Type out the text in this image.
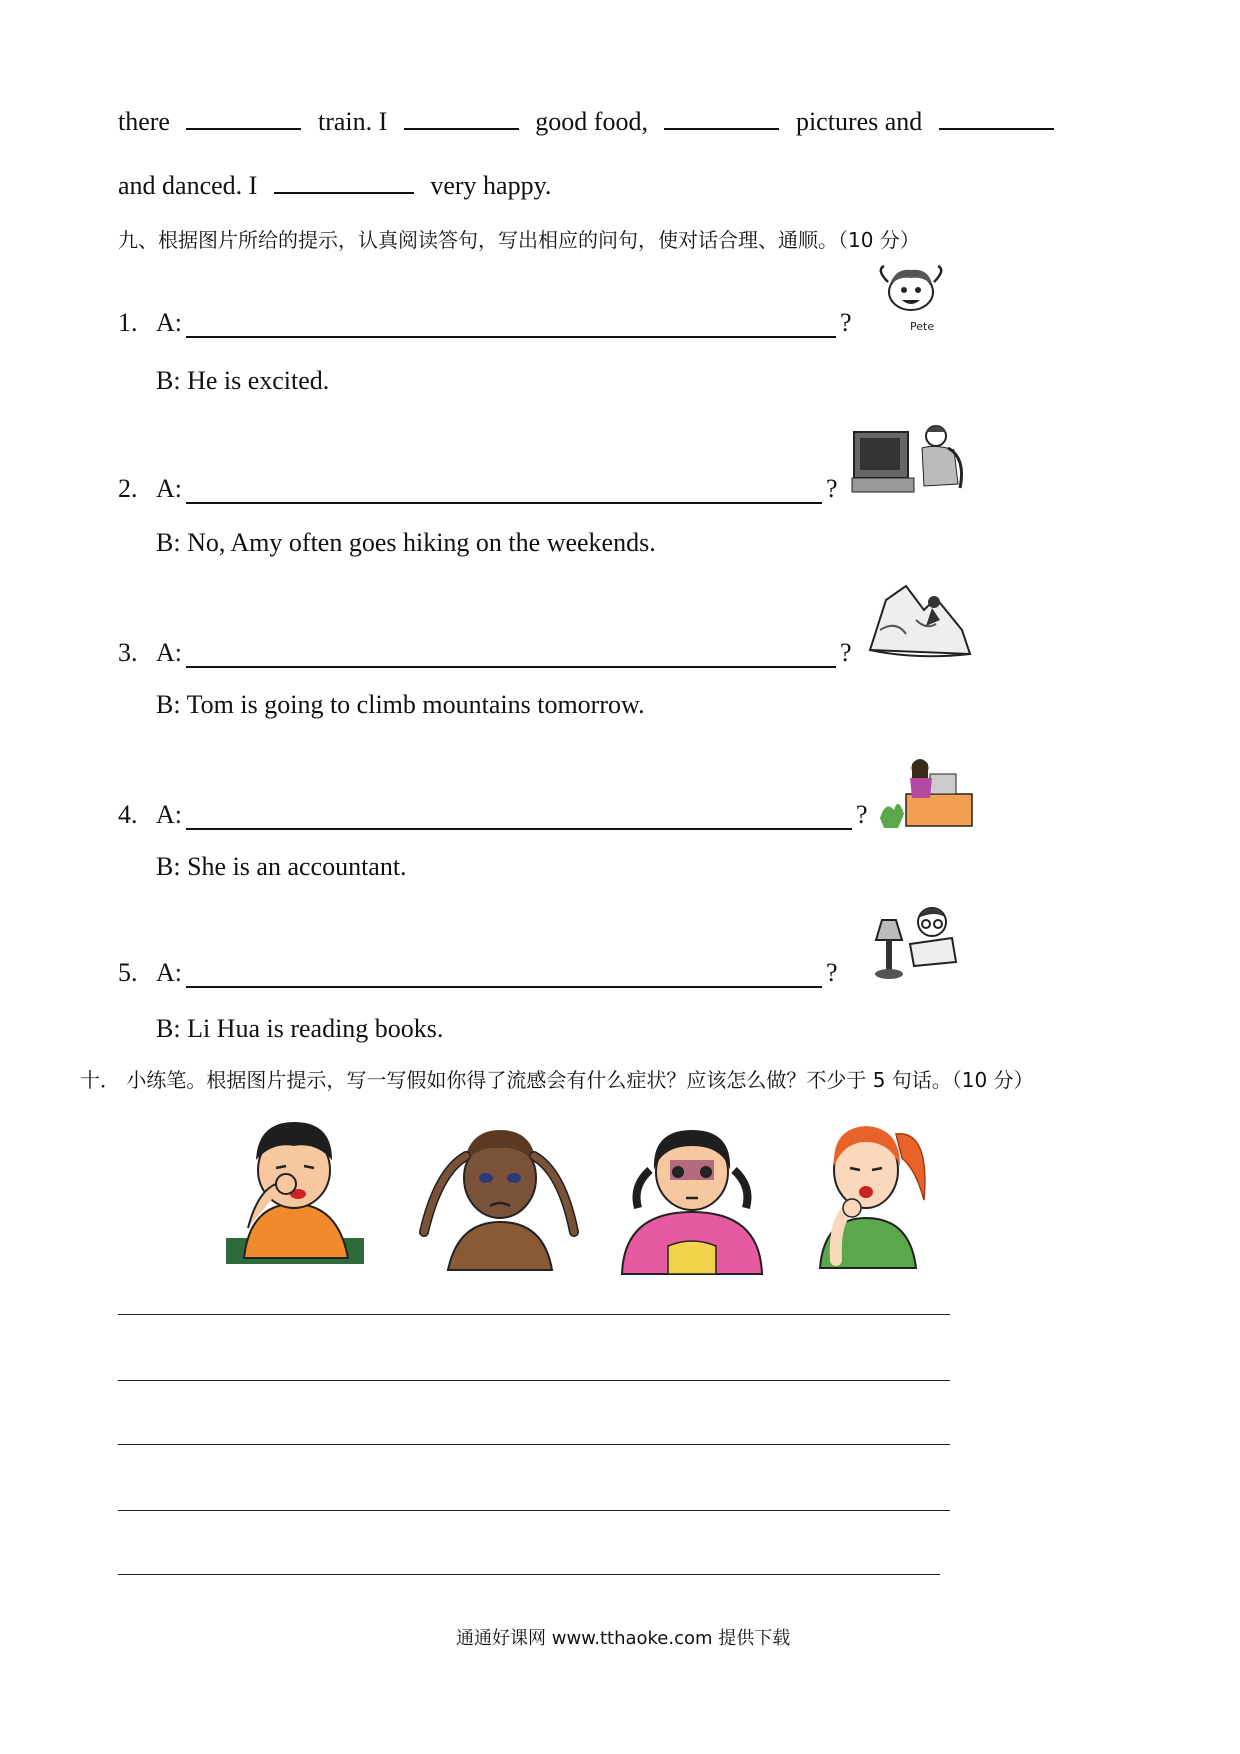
there	train. I	good food,	pictures and
and danced. I	very happy.
九、根据图片所给的提示，认真阅读答句，写出相应的问句，使对话合理、通顺。（10 分）
1. A:	?
B: He is excited.
2. A:	?
B: No, Amy often goes hiking on the weekends.
3. A:	?
B: Tom is going to climb mountains tomorrow.
4. A:	?
B: She is an accountant.
5. A:	?
B: Li Hua is reading books.
Pete
十． 小练笔。根据图片提示，写一写假如你得了流感会有什么症状？应该怎么做？不少于 5 句话。（10 分）
通通好课网 www.tthaoke.com 提供下载
